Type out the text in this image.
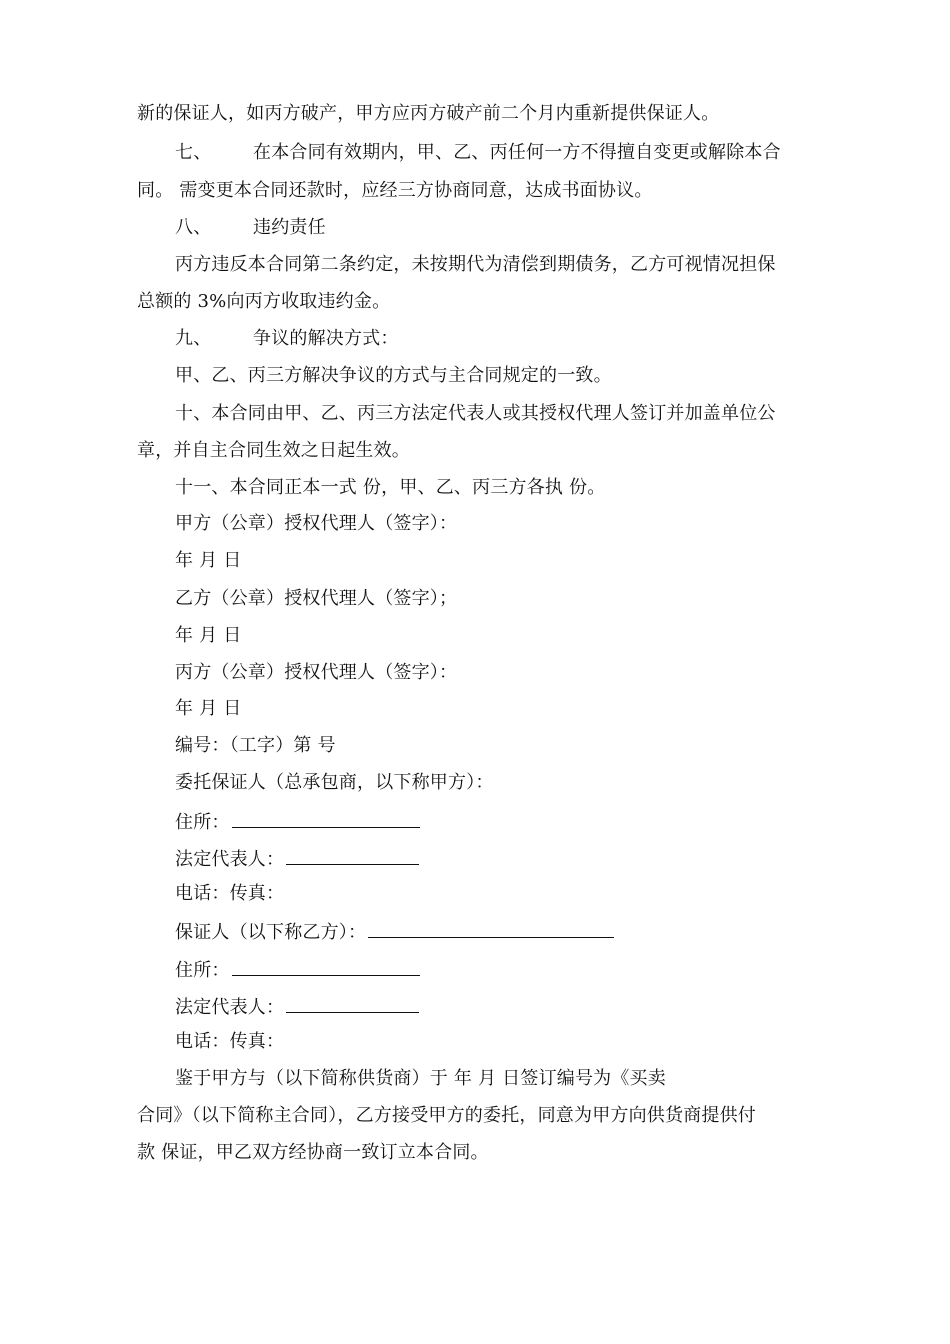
新的保证人，如丙方破产，甲方应丙方破产前二个月内重新提供保证人。
七、 在本合同有效期内，甲、乙、丙任何一方不得擅自变更或解除本合
同。 需变更本合同还款时，应经三方协商同意，达成书面协议。
八、 违约责任
丙方违反本合同第二条约定，未按期代为清偿到期债务，乙方可视情况担保
总额的 3%向丙方收取违约金。
九、 争议的解决方式：
甲、乙、丙三方解决争议的方式与主合同规定的一致。
十、本合同由甲、乙、丙三方法定代表人或其授权代理人签订并加盖单位公
章，并自主合同生效之日起生效。
十一、本合同正本一式 份，甲、乙、丙三方各执 份。
甲方（公章）授权代理人（签字）：
年 月 日
乙方（公章）授权代理人（签字）；
年 月 日
丙方（公章）授权代理人（签字）：
年 月 日
编号：（工字）第 号
委托保证人（总承包商，以下称甲方）：
住所：
法定代表人：
电话：传真：
保证人（以下称乙方）：
住所：
法定代表人：
电话：传真：
鉴于甲方与（以下简称供货商）于 年 月 日签订编号为《买卖
合同》（以下简称主合同），乙方接受甲方的委托，同意为甲方向供货商提供付
款 保证，甲乙双方经协商一致订立本合同。
